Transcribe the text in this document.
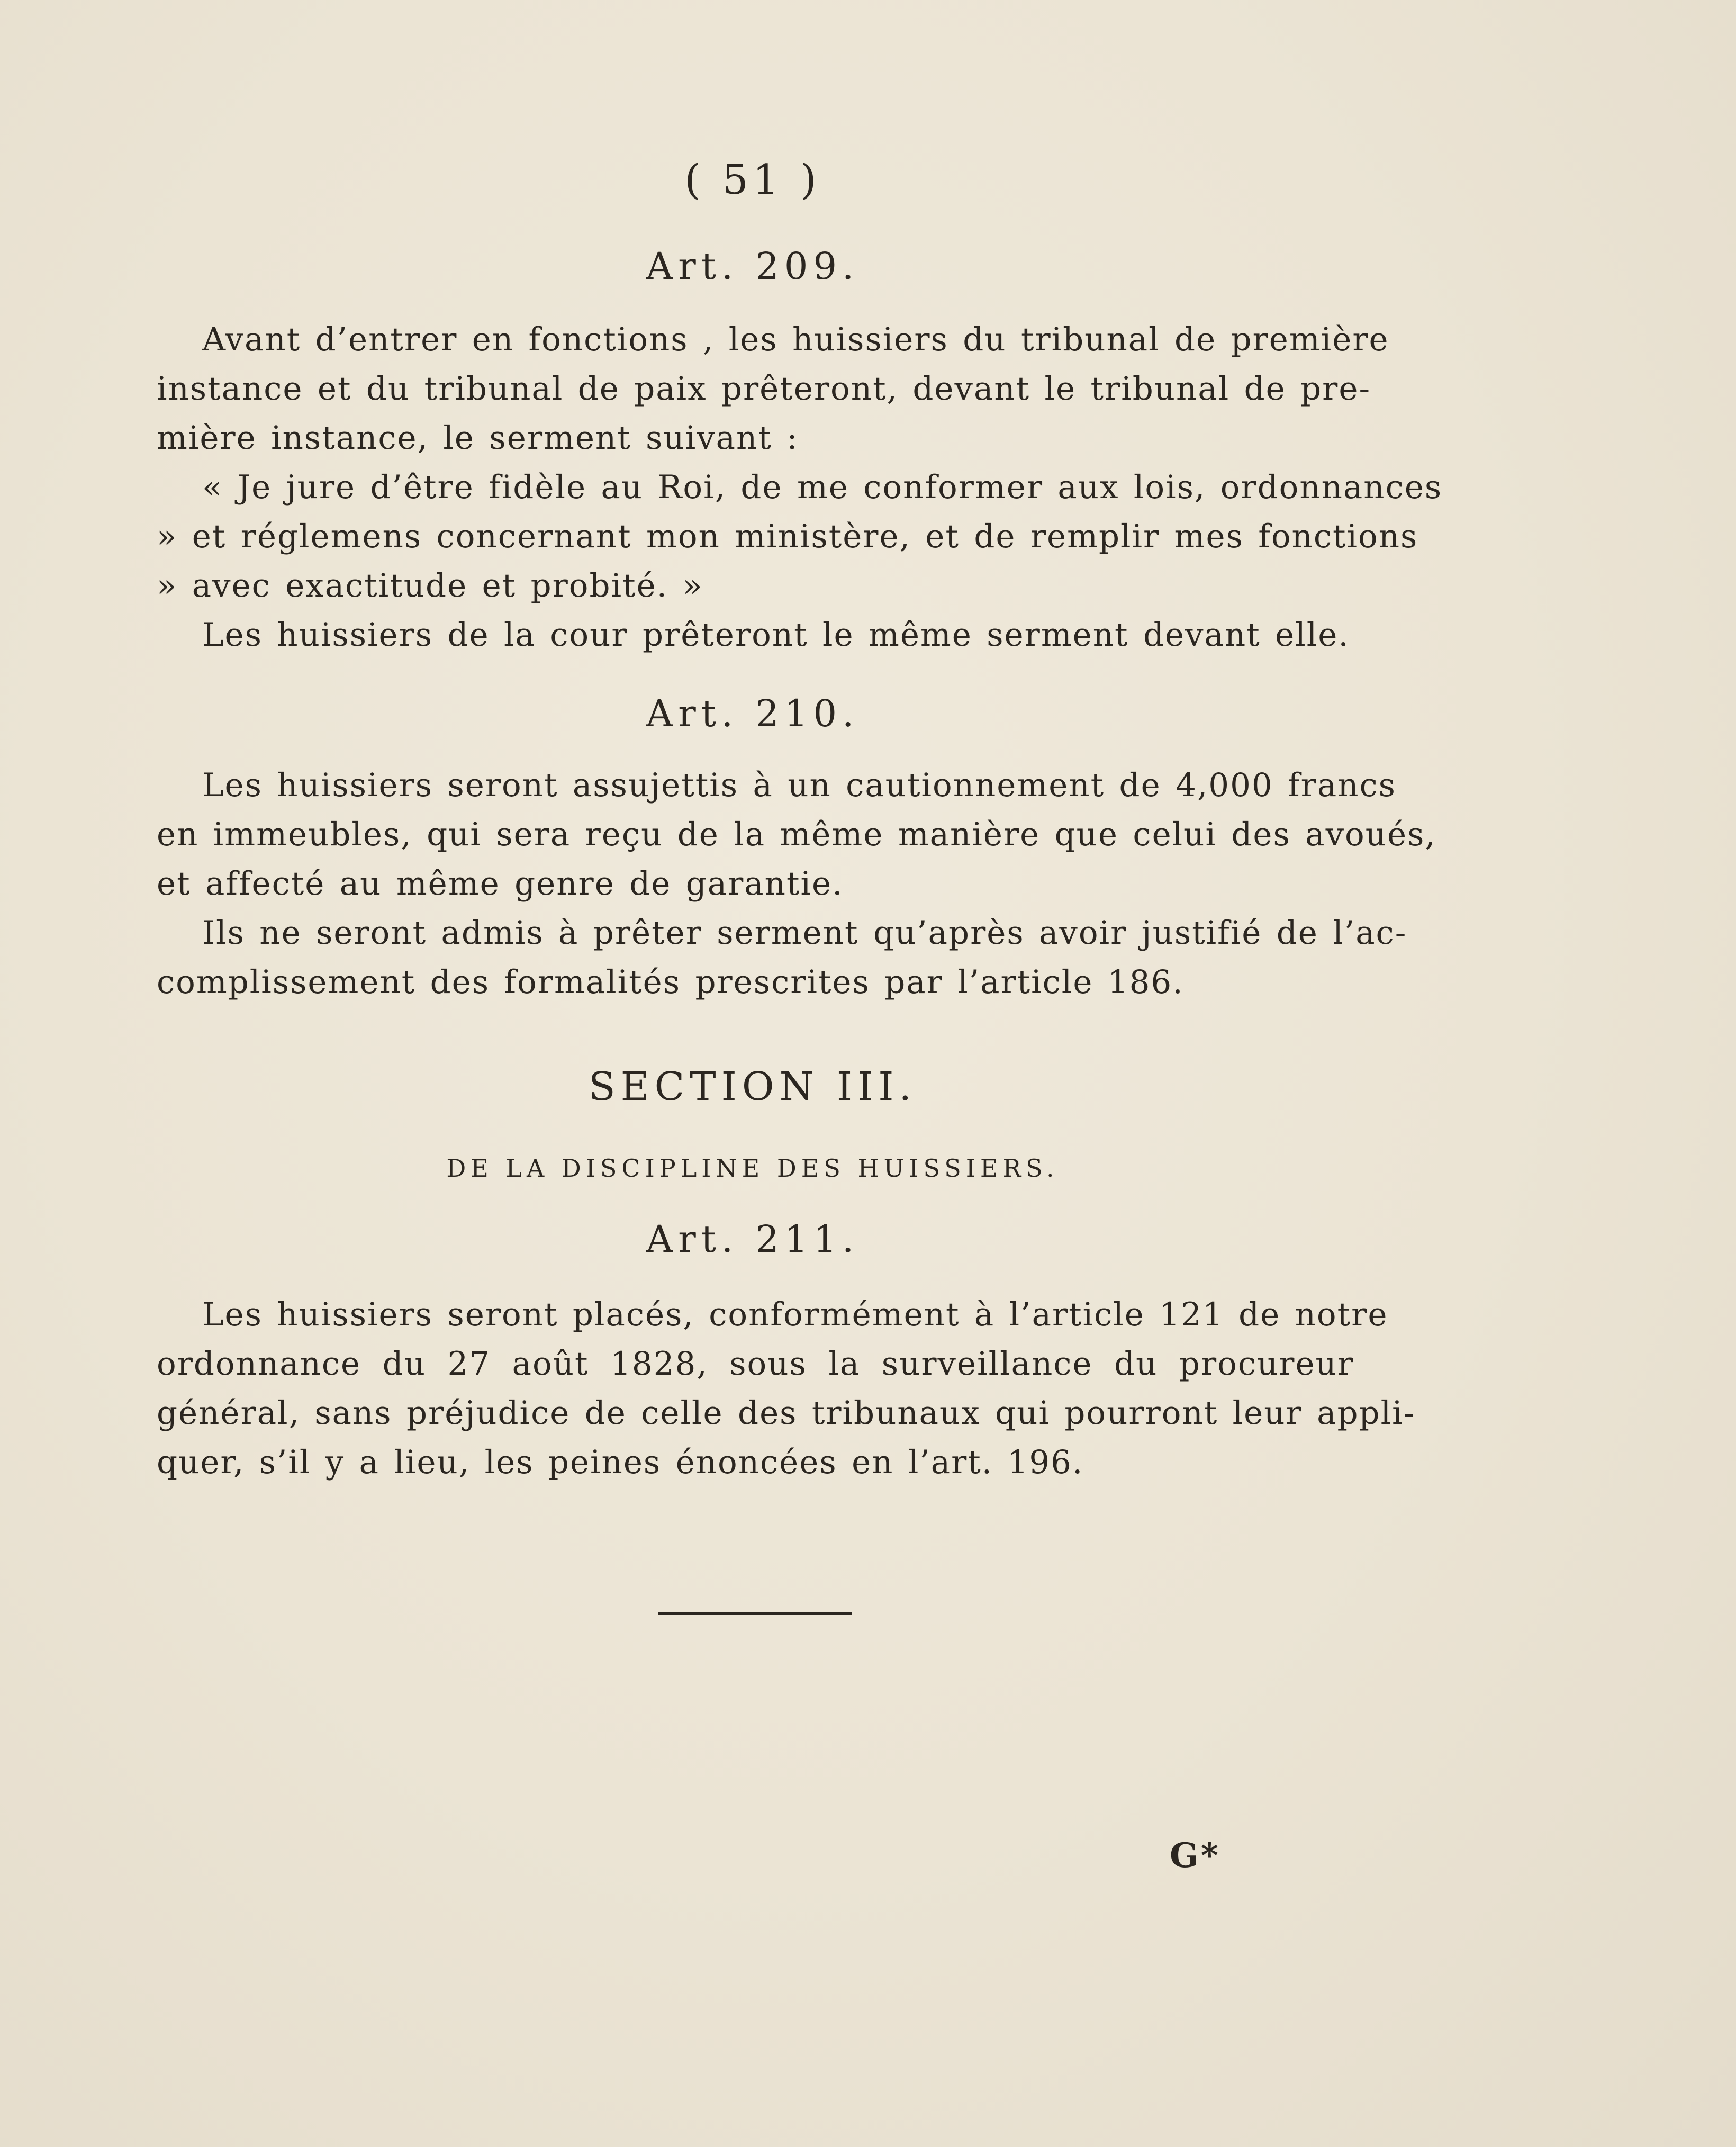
( 51 )
Art. 209.
Avant d’entrer en fonctions , les huissiers du tribunal de première
instance et du tribunal de paix prêteront, devant le tribunal de pre-
mière instance, le serment suivant :
« Je jure d’être fidèle au Roi, de me conformer aux lois, ordonnances
» et réglemens concernant mon ministère, et de remplir mes fonctions
» avec exactitude et probité. »
Les huissiers de la cour prêteront le même serment devant elle.
Art. 210.
Les huissiers seront assujettis à un cautionnement de 4,000 francs
en immeubles, qui sera reçu de la même manière que celui des avoués,
et affecté au même genre de garantie.
Ils ne seront admis à prêter serment qu’après avoir justifié de l’ac-
complissement des formalités prescrites par l’article 186.
SECTION III.
DE LA DISCIPLINE DES HUISSIERS.
Art. 211.
Les huissiers seront placés, conformément à l’article 121 de notre
ordonnance du 27 août 1828, sous la surveillance du procureur
général, sans préjudice de celle des tribunaux qui pourront leur appli-
quer, s’il y a lieu, les peines énoncées en l’art. 196.
G*
